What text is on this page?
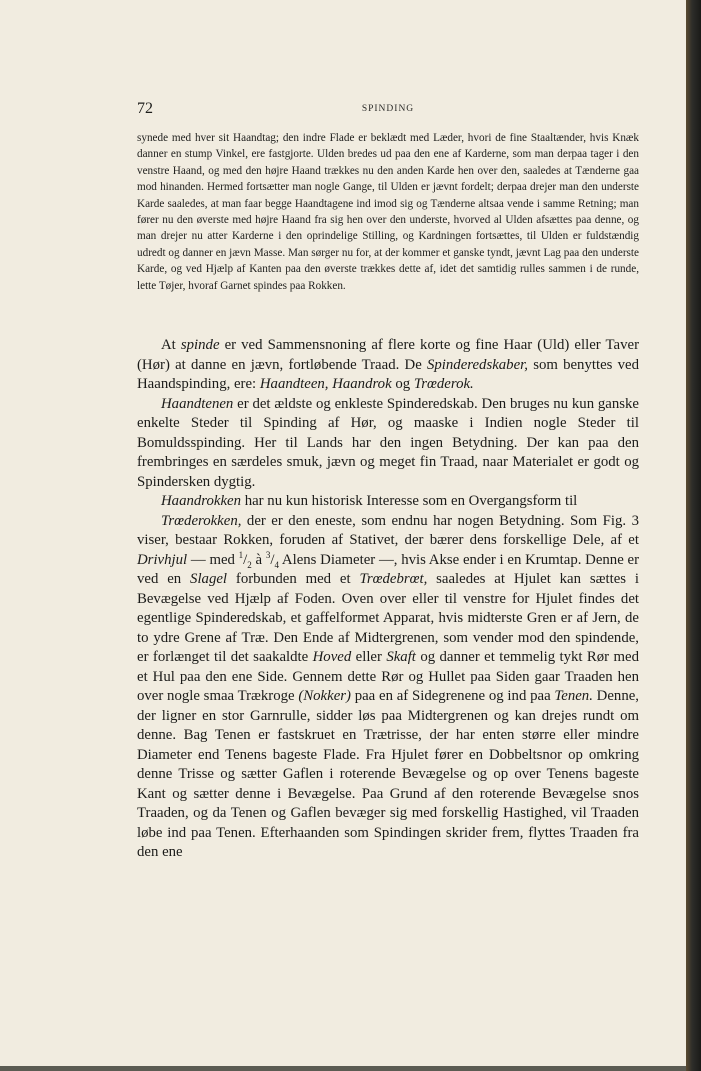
72	SPINDING

synede med hver sit Haandtag; den indre Flade er beklædt med Læder, hvori de fine Staaltænder, hvis Knæk danner en stump Vinkel, ere fastgjorte. Ulden bredes ud paa den ene af Karderne, som man derpaa tager i den venstre Haand, og med den højre Haand trækkes nu den anden Karde hen over den, saaledes at Tænderne gaa mod hinanden. Hermed fortsætter man nogle Gange, til Ulden er jævnt fordelt; derpaa drejer man den underste Karde saaledes, at man faar begge Haandtagene ind imod sig og Tænderne altsaa vende i samme Retning; man fører nu den øverste med højre Haand fra sig hen over den underste, hvorved al Ulden afsættes paa denne, og man drejer nu atter Karderne i den oprindelige Stilling, og Kardningen fortsættes, til Ulden er fuldstændig udredt og danner en jævn Masse. Man sørger nu for, at der kommer et ganske tyndt, jævnt Lag paa den underste Karde, og ved Hjælp af Kanten paa den øverste trækkes dette af, idet det samtidig rulles sammen i de runde, lette Tøjer, hvoraf Garnet spindes paa Rokken.

At spinde er ved Sammensnoning af flere korte og fine Haar (Uld) eller Taver (Hør) at danne en jævn, fortløbende Traad. De Spinderedskaber, som benyttes ved Haandspinding, ere: Haandteen, Haandrok og Trœderok.

Haandtenen er det ældste og enkleste Spinderedskab. Den bruges nu kun ganske enkelte Steder til Spinding af Hør, og maaske i Indien nogle Steder til Bomuldsspinding. Her til Lands har den ingen Betydning. Der kan paa den frembringes en særdeles smuk, jævn og meget fin Traad, naar Materialet er godt og Spindersken dygtig.

Haandrokken har nu kun historisk Interesse som en Overgangsform til

Trœderokken, der er den eneste, som endnu har nogen Betydning. Som Fig. 3 viser, bestaar Rokken, foruden af Stativet, der bærer dens forskellige Dele, af et Drivhjul — med $^1/_2$ à $^3/_4$ Alens Diameter —, hvis Akse ender i en Krumtap. Denne er ved en Slagel forbunden med et Trœdebrœt, saaledes at Hjulet kan sættes i Bevægelse ved Hjælp af Foden. Oven over eller til venstre for Hjulet findes det egentlige Spinderedskab, et gaffelformet Apparat, hvis midterste Gren er af Jern, de to ydre Grene af Træ. Den Ende af Midtergrenen, som vender mod den spindende, er forlænget til det saakaldte Hoved eller Skaft og danner et temmelig tykt Rør med et Hul paa den ene Side. Gennem dette Rør og Hullet paa Siden gaar Traaden hen over nogle smaa Trækroge (Nokker) paa en af Sidegrenene og ind paa Tenen. Denne, der ligner en stor Garnrulle, sidder løs paa Midtergrenen og kan drejes rundt om denne. Bag Tenen er fastskruet en Trætrisse, der har enten større eller mindre Diameter end Tenens bageste Flade. Fra Hjulet fører en Dobbeltsnor op omkring denne Trisse og sætter Gaflen i roterende Bevægelse og op over Tenens bageste Kant og sætter denne i Bevægelse. Paa Grund af den roterende Bevægelse snos Traaden, og da Tenen og Gaflen bevæger sig med forskellig Hastighed, vil Traaden løbe ind paa Tenen. Efterhaanden som Spindingen skrider frem, flyttes Traaden fra den ene
